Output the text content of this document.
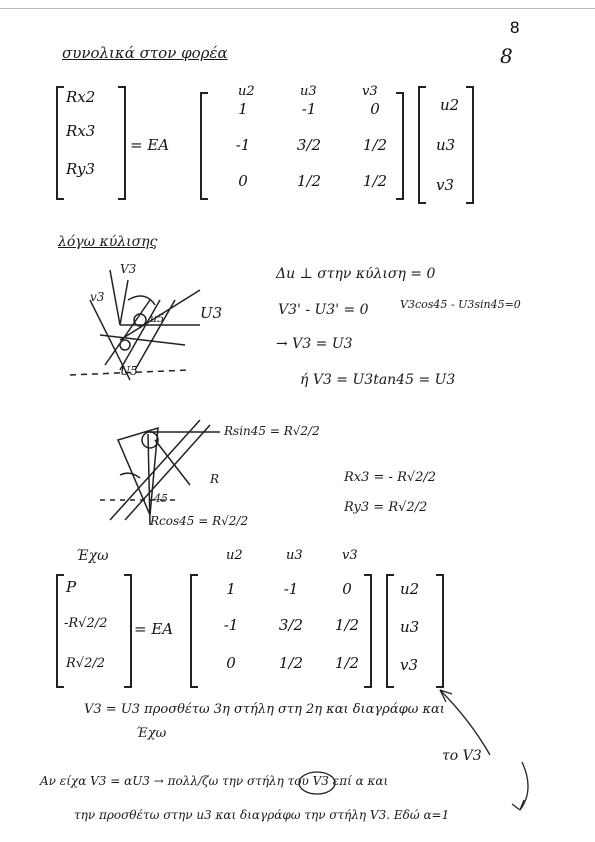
8
8
συνολικά στον φορέα
u2	u3	v3
Rx2
Rx3
Ry3
= EA
1	-1	0
-1	3/2	1/2
0	1/2	1/2
u2
u3
v3
λόγω κύλισης
V3
v3
U3
u5
U5
Δu ⊥ στην κύλιση = 0
V3' - U3' = 0	V3cos45 - U3sin45=0
→ V3 = U3
ή V3 = U3tan45 = U3
Rsin45 = R√2/2
R
45
Rcos45 = R√2/2
Rx3 = - R√2/2
Ry3 = R√2/2
Έχω	u2	u3	v3
P
-R√2/2
R√2/2
= EA
1	-1	0
-1	3/2	1/2
0	1/2	1/2
u2
u3
v3
V3 = U3 προσθέτω 3η στήλη στη 2η και διαγράφω και
Έχω
το V3
Αν είχα V3 = αU3 → πολλ/ζω την στήλη του V3 επί α και
την προσθέτω στην u3 και διαγράφω την στήλη V3. Εδώ α=1
